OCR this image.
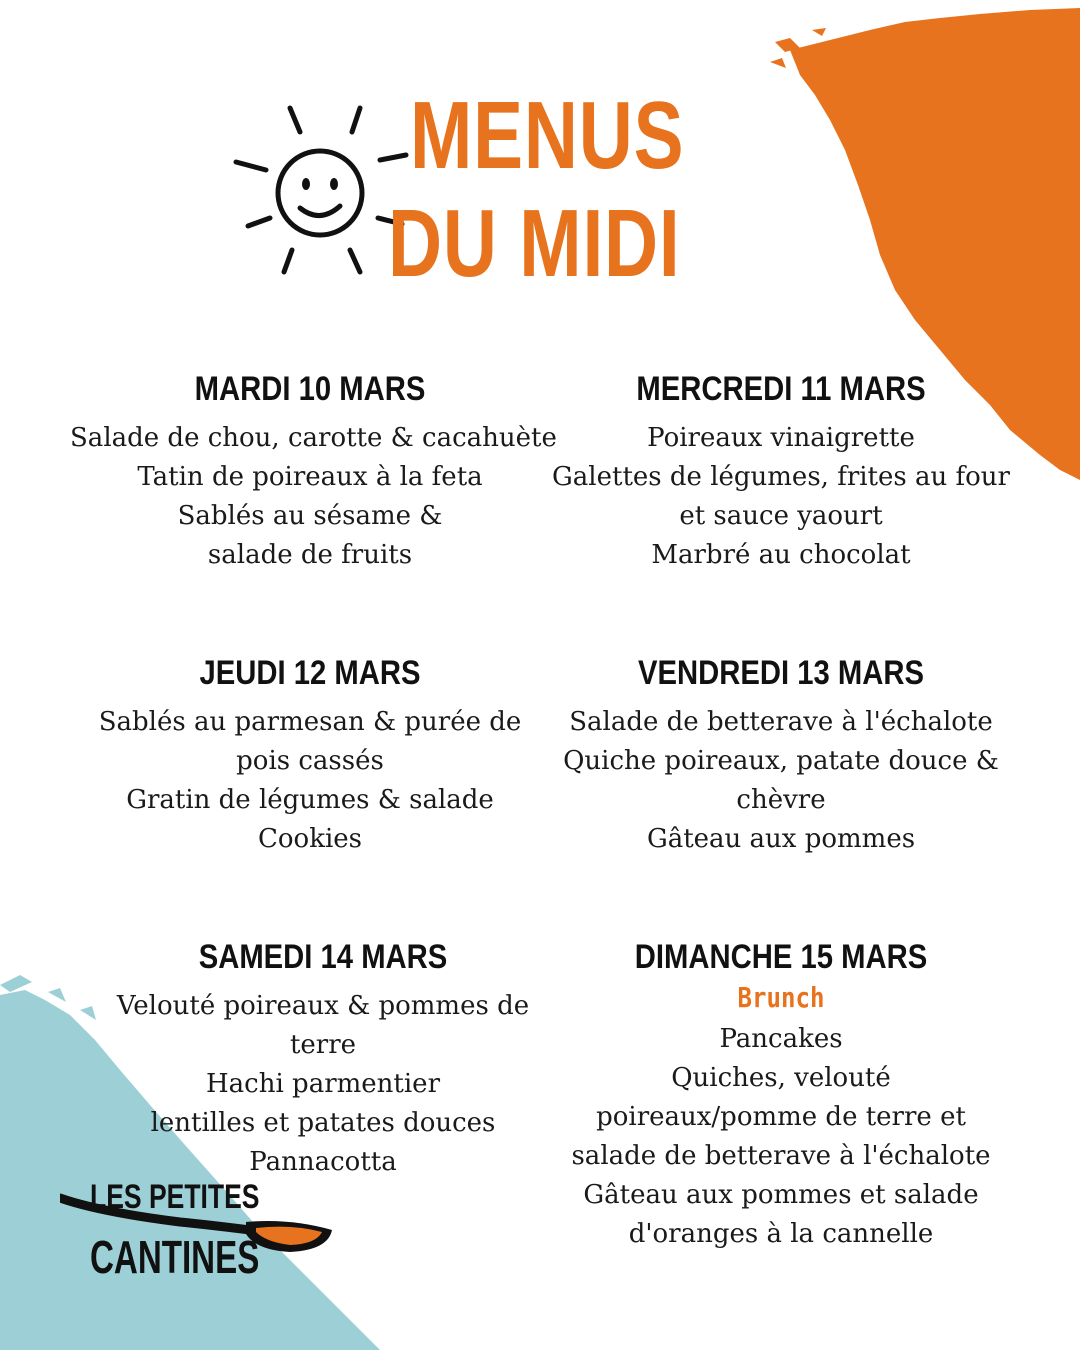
MENUS
DU MIDI
MARDI 10 MARS
Salade de chou, carotte & cacahuète
Tatin de poireaux à la feta
Sablés au sésame &
salade de fruits
MERCREDI 11 MARS
Poireaux vinaigrette
Galettes de légumes, frites au four
et sauce yaourt
Marbré au chocolat
JEUDI 12 MARS
Sablés au parmesan & purée de
pois cassés
Gratin de légumes & salade
Cookies
VENDREDI 13 MARS
Salade de betterave à l'échalote
Quiche poireaux, patate douce &
chèvre
Gâteau aux pommes
SAMEDI 14 MARS
Velouté poireaux & pommes de
terre
Hachi parmentier
lentilles et patates douces
Pannacotta
DIMANCHE 15 MARS
Brunch
Pancakes
Quiches, velouté
poireaux/pomme de terre et
salade de betterave à l'échalote
Gâteau aux pommes et salade
d'oranges à la cannelle
LES PETITES
CANTINES
